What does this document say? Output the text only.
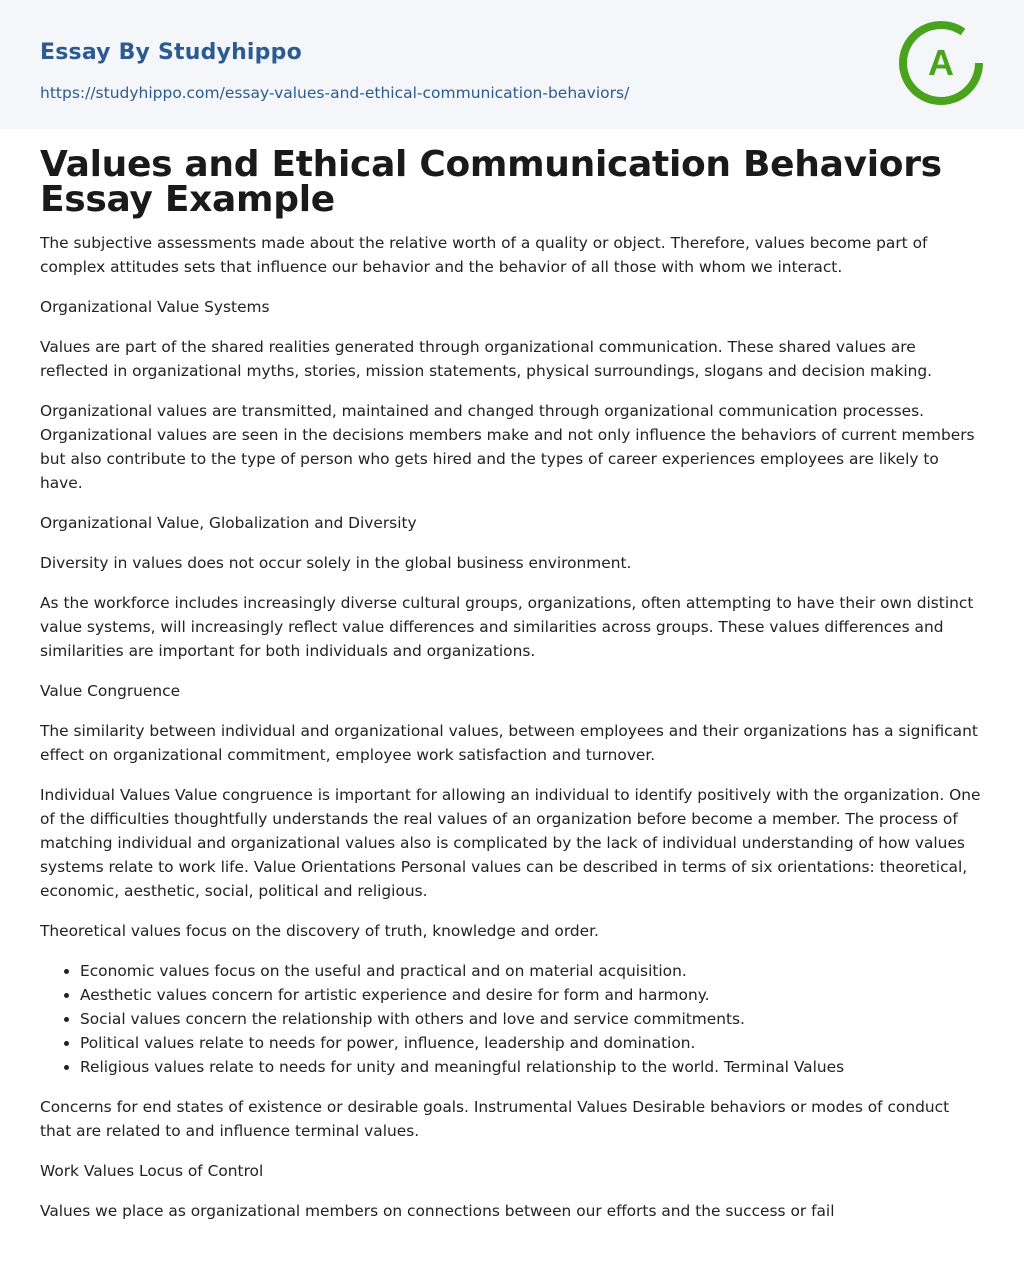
Essay By Studyhippo
https://studyhippo.com/essay-values-and-ethical-communication-behaviors/
A
Values and Ethical Communication Behaviors Essay Example

The subjective assessments made about the relative worth of a quality or object. Therefore, values become part of complex attitudes sets that influence our behavior and the behavior of all those with whom we interact.

Organizational Value Systems

Values are part of the shared realities generated through organizational communication. These shared values are reflected in organizational myths, stories, mission statements, physical surroundings, slogans and decision making.

Organizational values are transmitted, maintained and changed through organizational communication processes. Organizational values are seen in the decisions members make and not only influence the behaviors of current members but also contribute to the type of person who gets hired and the types of career experiences employees are likely to have.

Organizational Value, Globalization and Diversity

Diversity in values does not occur solely in the global business environment.

As the workforce includes increasingly diverse cultural groups, organizations, often attempting to have their own distinct value systems, will increasingly reflect value differences and similarities across groups. These values differences and similarities are important for both individuals and organizations.

Value Congruence

The similarity between individual and organizational values, between employees and their organizations has a significant effect on organizational commitment, employee work satisfaction and turnover.

Individual Values Value congruence is important for allowing an individual to identify positively with the organization. One of the difficulties thoughtfully understands the real values of an organization before become a member. The process of matching individual and organizational values also is complicated by the lack of individual understanding of how values systems relate to work life. Value Orientations Personal values can be described in terms of six orientations: theoretical, economic, aesthetic, social, political and religious.

Theoretical values focus on the discovery of truth, knowledge and order.

• Economic values focus on the useful and practical and on material acquisition.
• Aesthetic values concern for artistic experience and desire for form and harmony.
• Social values concern the relationship with others and love and service commitments.
• Political values relate to needs for power, influence, leadership and domination.
• Religious values relate to needs for unity and meaningful relationship to the world. Terminal Values

Concerns for end states of existence or desirable goals. Instrumental Values Desirable behaviors or modes of conduct that are related to and influence terminal values.

Work Values Locus of Control

Values we place as organizational members on connections between our efforts and the success or fail
